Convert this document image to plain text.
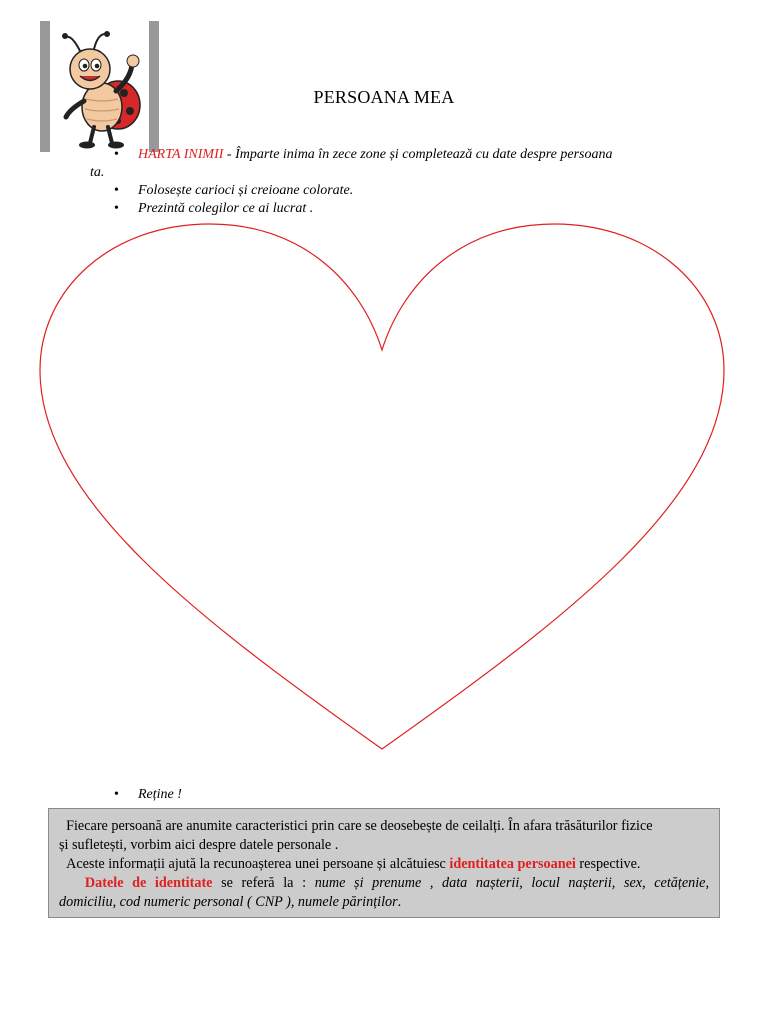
PERSOANA MEA
• HARTA INIMII - Împarte inima în zece zone și completează cu date despre persoana
ta.
• Folosește carioci și creioane colorate.
• Prezintă colegilor ce ai lucrat .
• Reține !

Fiecare persoană are anumite caracteristici prin care se deosebește de ceilalți. În afara trăsăturilor fizice

și sufletești, vorbim aici despre datele personale .

Aceste informații ajută la recunoașterea unei persoane și alcătuiesc identitatea persoanei respective.

Datele de identitate se referă la : nume și prenume , data nașterii, locul nașterii, sex, cetățenie,

domiciliu, cod numeric personal ( CNP ), numele părinților.
